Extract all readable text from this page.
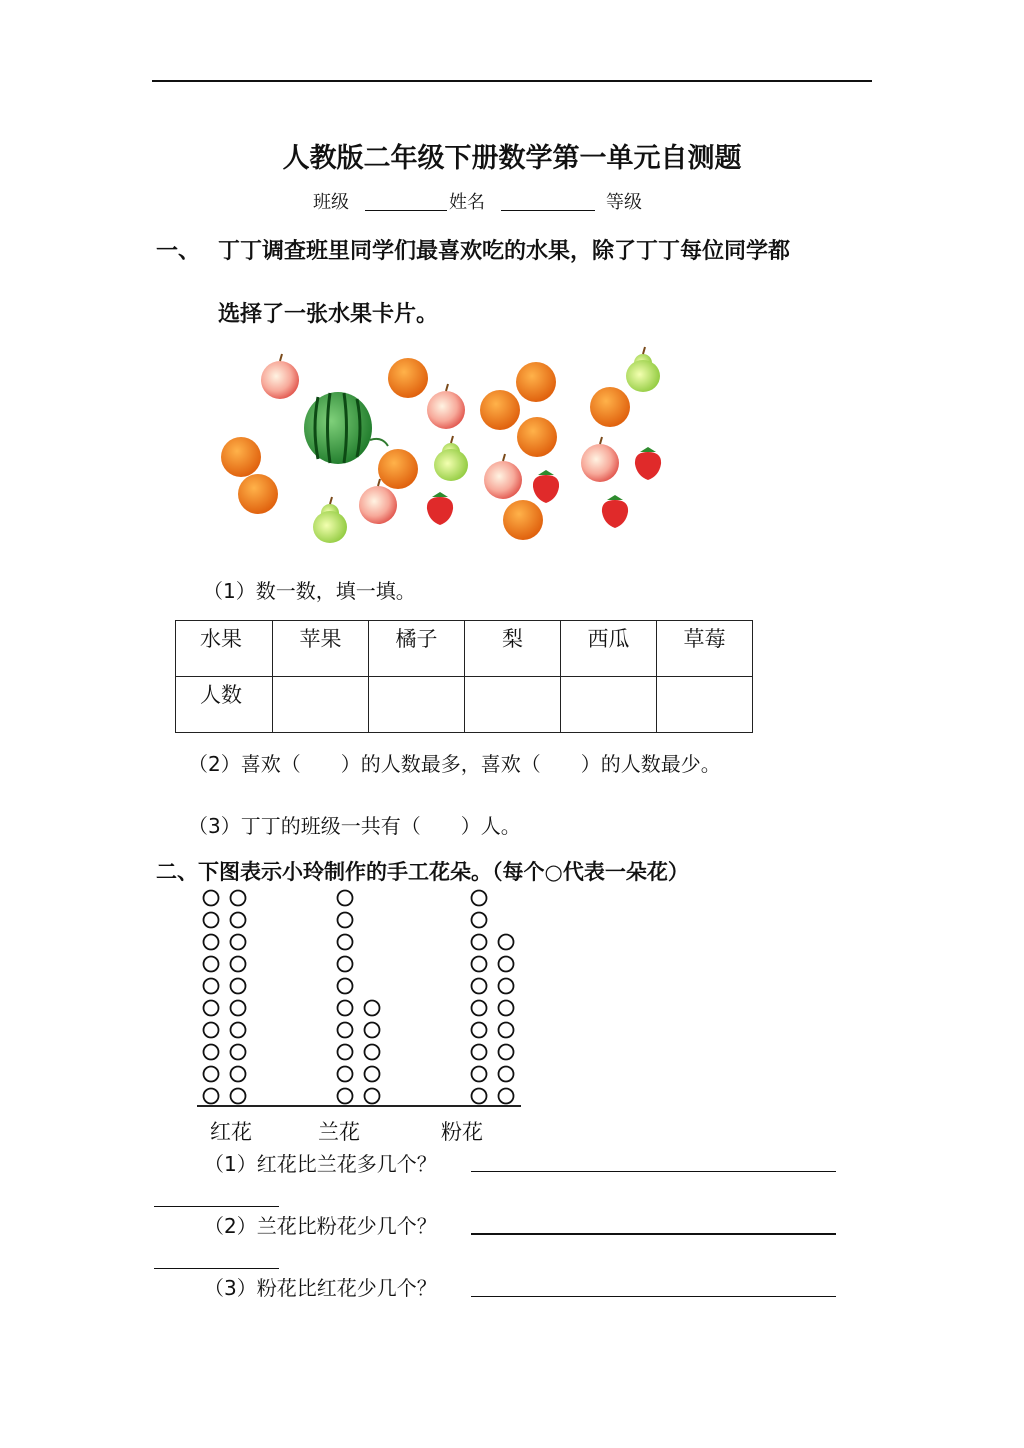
人教版二年级下册数学第一单元自测题
班级	姓名	等级
一、 丁丁调查班里同学们最喜欢吃的水果，除了丁丁每位同学都
选择了一张水果卡片。
（1）数一数，填一填。
水果	苹果	橘子	梨	西瓜	草莓
人数					
（2）喜欢（　　）的人数最多，喜欢（　　）的人数最少。
（3）丁丁的班级一共有（　　）人。
二、下图表示小玲制作的手工花朵。（每个○代表一朵花）
红花	兰花	粉花
（1）红花比兰花多几个？
（2）兰花比粉花少几个？
（3）粉花比红花少几个？
